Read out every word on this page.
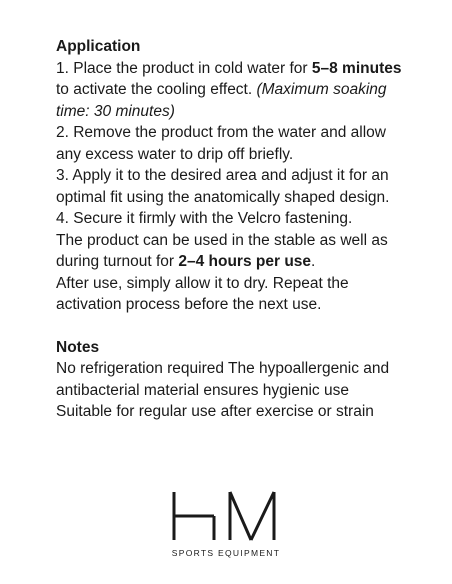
Application

1. Place the product in cold water for 5–8 minutes

to activate the cooling effect. (Maximum soaking

time: 30 minutes)

2. Remove the product from the water and allow

any excess water to drip off briefly.

3. Apply it to the desired area and adjust it for an

optimal fit using the anatomically shaped design.

4. Secure it firmly with the Velcro fastening.

The product can be used in the stable as well as

during turnout for 2–4 hours per use.

After use, simply allow it to dry. Repeat the

activation process before the next use.

Notes

No refrigeration required The hypoallergenic and

antibacterial material ensures hygienic use

Suitable for regular use after exercise or strain

SPORTS EQUIPMENT
